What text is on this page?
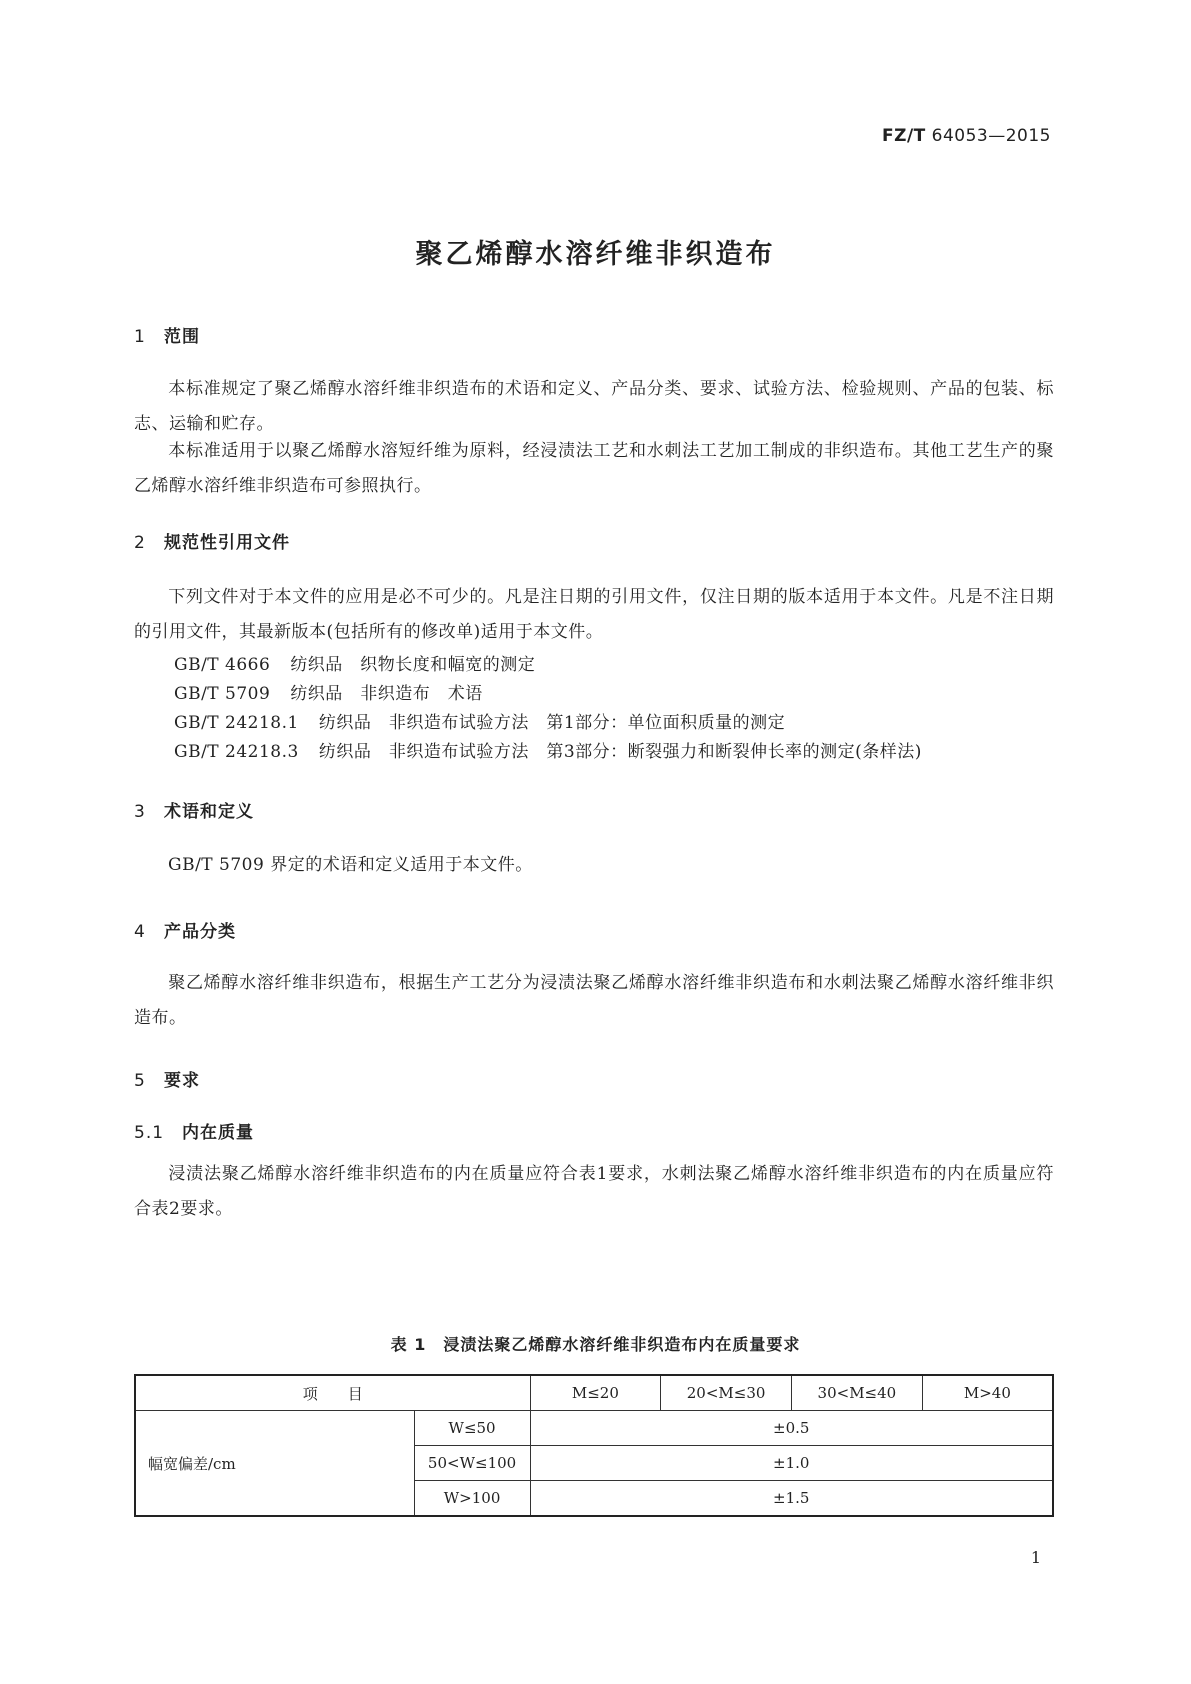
FZ/T 64053—2015
聚乙烯醇水溶纤维非织造布
1 范围
本标准规定了聚乙烯醇水溶纤维非织造布的术语和定义、产品分类、要求、试验方法、检验规则、产品的包装、标志、运输和贮存。
本标准适用于以聚乙烯醇水溶短纤维为原料，经浸渍法工艺和水刺法工艺加工制成的非织造布。其他工艺生产的聚乙烯醇水溶纤维非织造布可参照执行。
2 规范性引用文件
下列文件对于本文件的应用是必不可少的。凡是注日期的引用文件，仅注日期的版本适用于本文件。凡是不注日期的引用文件，其最新版本(包括所有的修改单)适用于本文件。
GB/T 4666 纺织品　织物长度和幅宽的测定
GB/T 5709 纺织品　非织造布　术语
GB/T 24218.1 纺织品　非织造布试验方法　第1部分：单位面积质量的测定
GB/T 24218.3 纺织品　非织造布试验方法　第3部分：断裂强力和断裂伸长率的测定(条样法)
3 术语和定义
GB/T 5709 界定的术语和定义适用于本文件。
4 产品分类
聚乙烯醇水溶纤维非织造布，根据生产工艺分为浸渍法聚乙烯醇水溶纤维非织造布和水刺法聚乙烯醇水溶纤维非织造布。
5 要求
5.1 内在质量
浸渍法聚乙烯醇水溶纤维非织造布的内在质量应符合表1要求，水刺法聚乙烯醇水溶纤维非织造布的内在质量应符合表2要求。
表 1　浸渍法聚乙烯醇水溶纤维非织造布内在质量要求
项　　目		M≤20	20<M≤30	30<M≤40	M>40
幅宽偏差/cm	W≤50	±0.5			
	50<W≤100	±1.0			
	W>100	±1.5			
1
